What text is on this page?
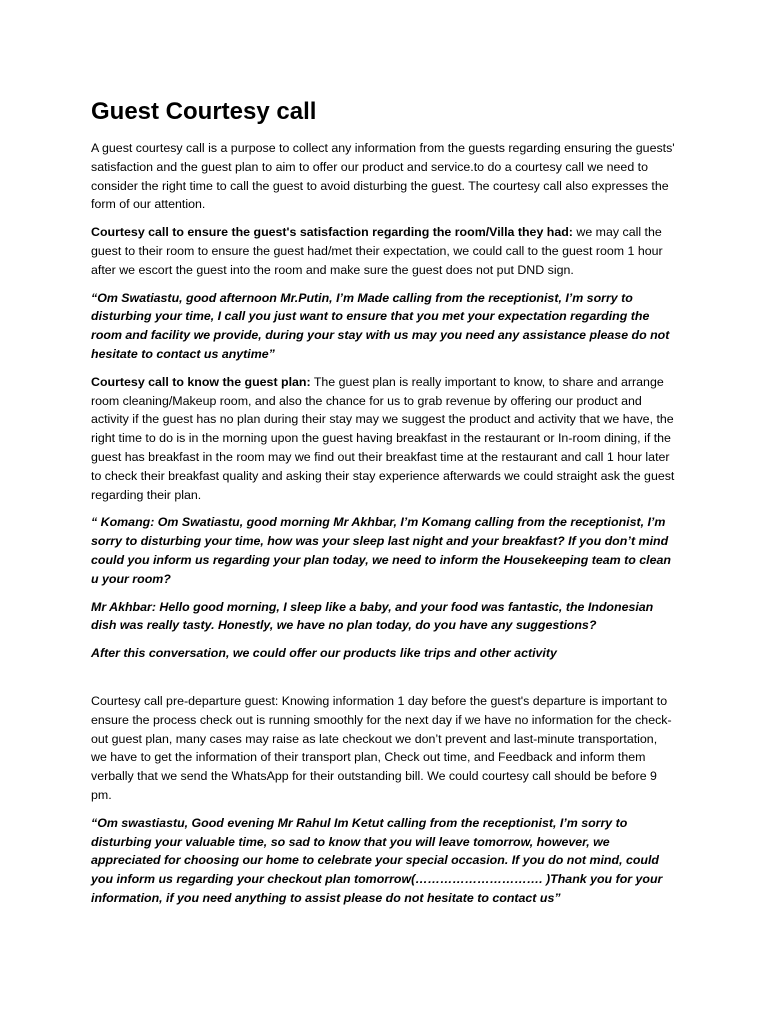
Guest Courtesy call

A guest courtesy call is a purpose to collect any information from the guests regarding ensuring the guests' satisfaction and the guest plan to aim to offer our product and service.to do a courtesy call we need to consider the right time to call the guest to avoid disturbing the guest. The courtesy call also expresses the form of our attention.

Courtesy call to ensure the guest's satisfaction regarding the room/Villa they had: we may call the guest to their room to ensure the guest had/met their expectation, we could call to the guest room 1 hour after we escort the guest into the room and make sure the guest does not put DND sign.

“Om Swatiastu, good afternoon Mr.Putin, I’m Made calling from the receptionist, I’m sorry to disturbing your time, I call you just want to ensure that you met your expectation regarding the room and facility we provide, during your stay with us may you need any assistance please do not hesitate to contact us anytime”

Courtesy call to know the guest plan: The guest plan is really important to know, to share and arrange room cleaning/Makeup room, and also the chance for us to grab revenue by offering our product and activity if the guest has no plan during their stay may we suggest the product and activity that we have, the right time to do is in the morning upon the guest having breakfast in the restaurant or In-room dining, if the guest has breakfast in the room may we find out their breakfast time at the restaurant and call 1 hour later to check their breakfast quality and asking their stay experience afterwards we could straight ask the guest regarding their plan.

“ Komang: Om Swatiastu, good morning Mr Akhbar, I’m Komang calling from the receptionist, I’m sorry to disturbing your time, how was your sleep last night and your breakfast? If you don’t mind could you inform us regarding your plan today, we need to inform the Housekeeping team to clean u your room?

Mr Akhbar: Hello good morning, I sleep like a baby, and your food was fantastic, the Indonesian dish was really tasty. Honestly, we have no plan today, do you have any suggestions?

After this conversation, we could offer our products like trips and other activity

Courtesy call pre-departure guest: Knowing information 1 day before the guest's departure is important to ensure the process check out is running smoothly for the next day if we have no information for the check-out guest plan, many cases may raise as late checkout we don’t prevent and last-minute transportation, we have to get the information of their transport plan, Check out time, and Feedback and inform them verbally that we send the WhatsApp for their outstanding bill. We could courtesy call should be before 9 pm.

“Om swastiastu, Good evening Mr Rahul Im Ketut calling from the receptionist, I’m sorry to disturbing your valuable time, so sad to know that you will leave tomorrow, however, we appreciated for choosing our home to celebrate your special occasion. If you do not mind, could you inform us regarding your checkout plan tomorrow(…………………………. )Thank you for your information, if you need anything to assist please do not hesitate to contact us”
